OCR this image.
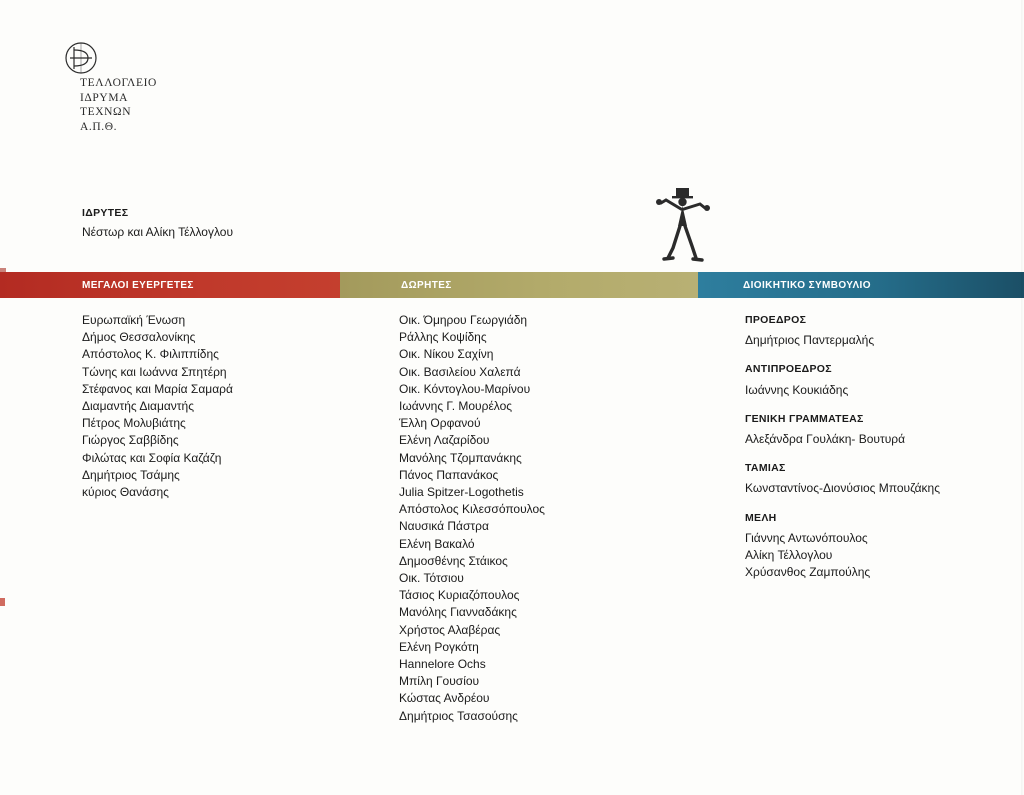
ΤΕΛΛΟΓΛΕΙΟ
ΙΔΡΥΜΑ
ΤΕΧΝΩΝ
Α.Π.Θ.
ΙΔΡΥΤΕΣ
Νέστωρ και Αλίκη Τέλλογλου
ΜΕΓΑΛΟΙ ΕΥΕΡΓΕΤΕΣ	ΔΩΡΗΤΕΣ	ΔΙΟΙΚΗΤΙΚΟ ΣΥΜΒΟΥΛΙΟ
Ευρωπαϊκή Ένωση
Δήμος Θεσσαλονίκης
Απόστολος Κ. Φιλιππίδης
Τώνης και Ιωάννα Σπητέρη
Στέφανος και Μαρία Σαμαρά
Διαμαντής Διαμαντής
Πέτρος Μολυβιάτης
Γιώργος Σαββίδης
Φιλώτας και Σοφία Καζάζη
Δημήτριος Τσάμης
κύριος Θανάσης
Οικ. Όμηρου Γεωργιάδη
Ράλλης Κοψίδης
Οικ. Νίκου Σαχίνη
Οικ. Βασιλείου Χαλεπά
Οικ. Κόντογλου-Μαρίνου
Ιωάννης Γ. Μουρέλος
Έλλη Ορφανού
Ελένη Λαζαρίδου
Μανόλης Τζομπανάκης
Πάνος Παπανάκος
Julia Spitzer-Logothetis
Απόστολος Κιλεσσόπουλος
Ναυσικά Πάστρα
Ελένη Βακαλό
Δημοσθένης Στάικος
Οικ. Τότσιου
Τάσιος Κυριαζόπουλος
Μανόλης Γιανναδάκης
Χρήστος Αλαβέρας
Ελένη Ρογκότη
Hannelore Ochs
Μπίλη Γουσίου
Κώστας Ανδρέου
Δημήτριος Τσασούσης
ΠΡΟΕΔΡΟΣ
Δημήτριος Παντερμαλής
ΑΝΤΙΠΡΟΕΔΡΟΣ
Ιωάννης Κουκιάδης
ΓΕΝΙΚΗ ΓΡΑΜΜΑΤΕΑΣ
Αλεξάνδρα Γουλάκη- Βουτυρά
ΤΑΜΙΑΣ
Κωνσταντίνος-Διονύσιος Μπουζάκης
ΜΕΛΗ
Γιάννης Αντωνόπουλος
Αλίκη Τέλλογλου
Χρύσανθος Ζαμπούλης
